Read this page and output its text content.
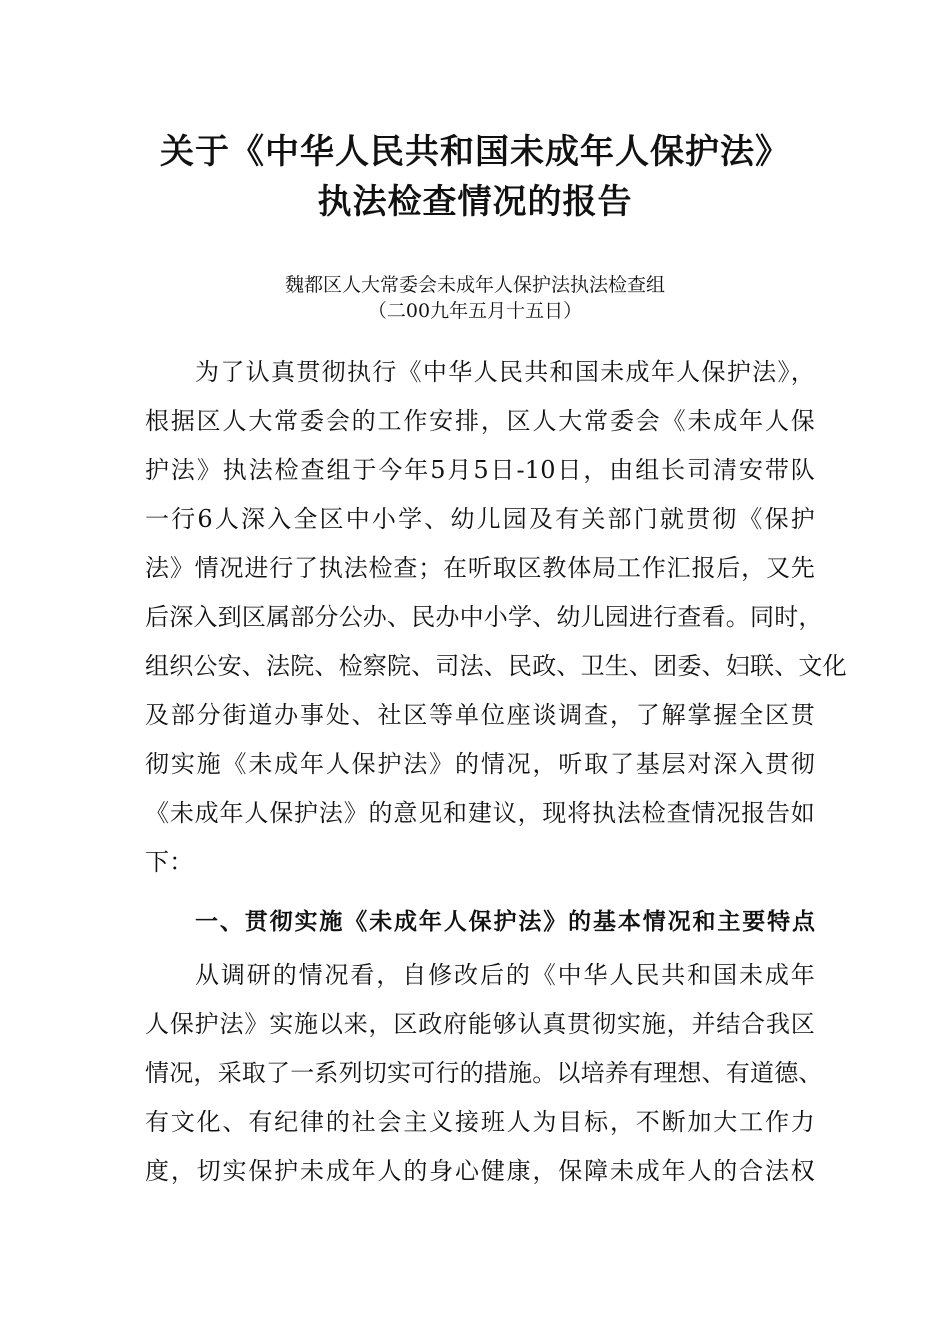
关于《中华人民共和国未成年人保护法》
执法检查情况的报告
魏都区人大常委会未成年人保护法执法检查组
（二00九年五月十五日）
为了认真贯彻执行《中华人民共和国未成年人保护法》，
根据区人大常委会的工作安排，区人大常委会《未成年人保
护法》执法检查组于今年5月5日-10日，由组长司清安带队
一行6人深入全区中小学、幼儿园及有关部门就贯彻《保护
法》情况进行了执法检查；在听取区教体局工作汇报后，又先
后深入到区属部分公办、民办中小学、幼儿园进行查看。同时，
组织公安、法院、检察院、司法、民政、卫生、团委、妇联、文化
及部分街道办事处、社区等单位座谈调查，了解掌握全区贯
彻实施《未成年人保护法》的情况，听取了基层对深入贯彻
《未成年人保护法》的意见和建议，现将执法检查情况报告如
下：
一、贯彻实施《未成年人保护法》的基本情况和主要特点
从调研的情况看，自修改后的《中华人民共和国未成年
人保护法》实施以来，区政府能够认真贯彻实施，并结合我区
情况，采取了一系列切实可行的措施。以培养有理想、有道德、
有文化、有纪律的社会主义接班人为目标，不断加大工作力
度，切实保护未成年人的身心健康，保障未成年人的合法权
